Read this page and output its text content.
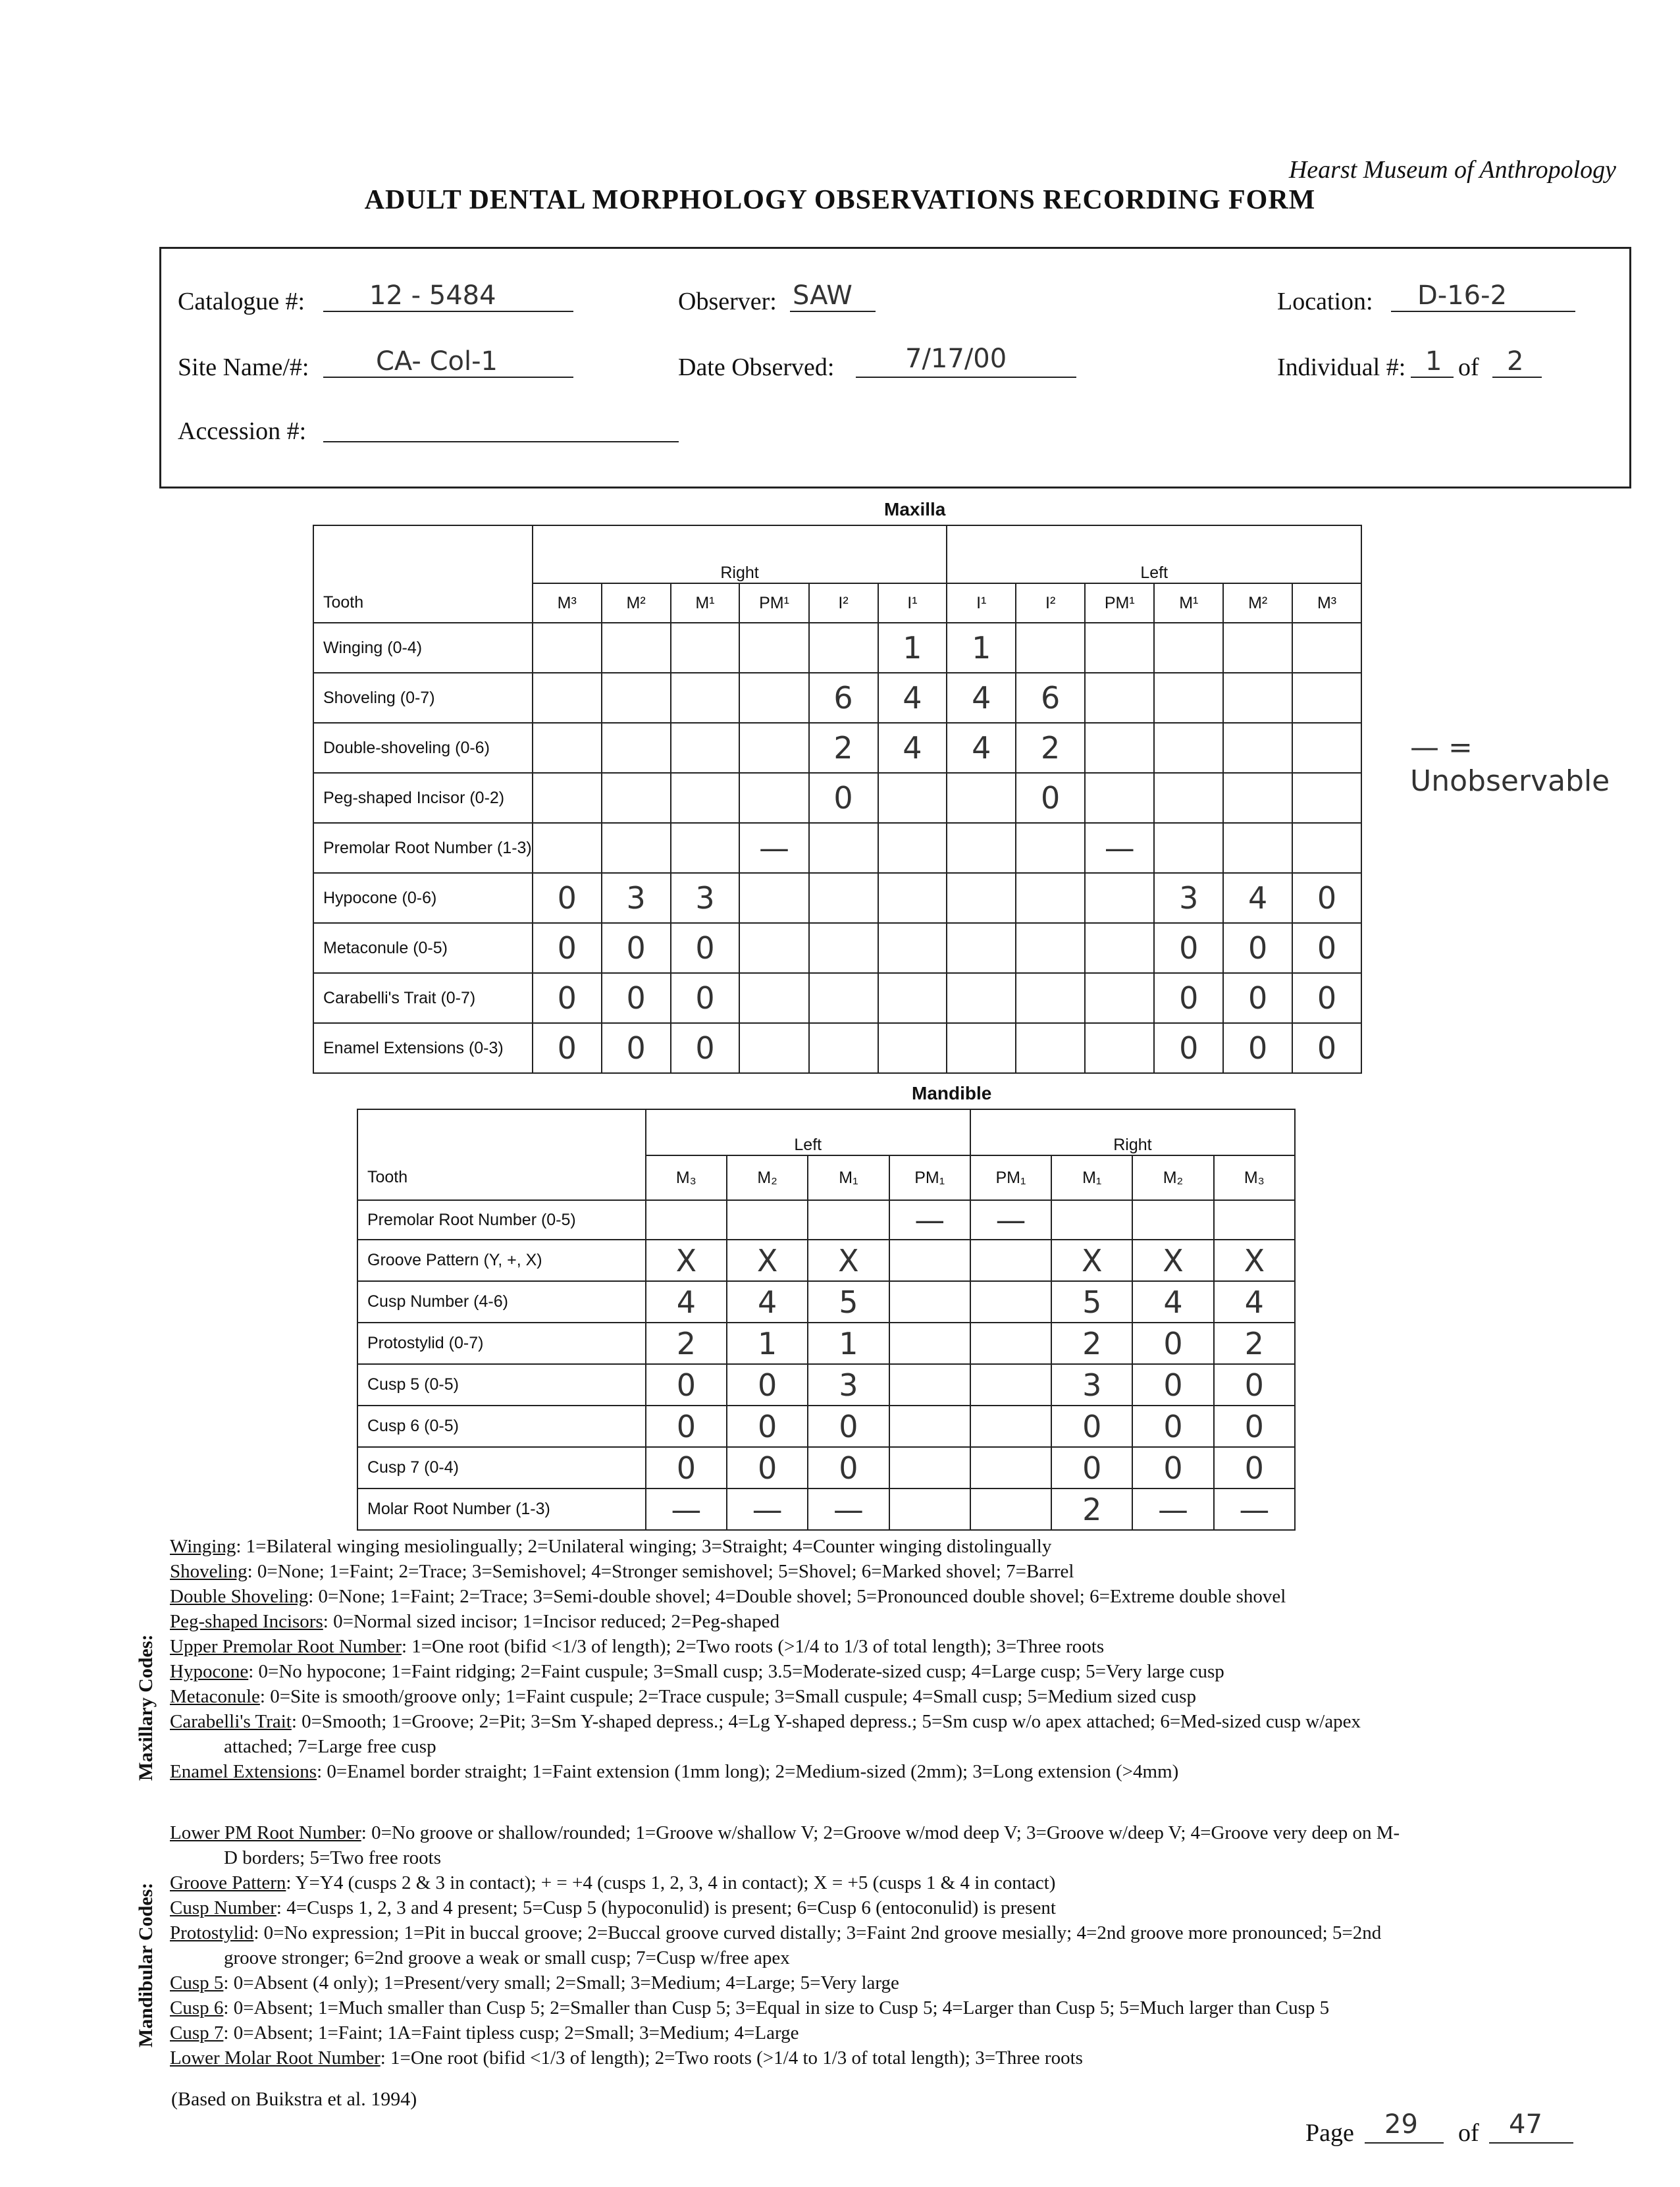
Hearst Museum of Anthropology
ADULT DENTAL MORPHOLOGY OBSERVATIONS RECORDING FORM
Catalogue #: 12 - 5484	Observer: SAW	Location: D-16-2
Site Name/#:	CA- Col-1	Date Observed:	7/17/00	Individual #: 1 of 2
Accession #:
Maxilla
	Right						Left					
Tooth	M³	M²	M¹	PM¹	I²	I¹	I¹	I²	PM¹	M¹	M²	M³
Winging (0-4)						1	1					
Shoveling (0-7)					6	4	4	6				
Double-shoveling (0-6)					2	4	4	2				
Peg-shaped Incisor (0-2)					0			0				
Premolar Root Number (1-3)				—					—			
Hypocone (0-6)	0	3	3							3	4	0
Metaconule (0-5)	0	0	0							0	0	0
Carabelli's Trait (0-7)	0	0	0							0	0	0
Enamel Extensions (0-3)	0	0	0							0	0	0
— = Unobservable
Mandible
	Left				Right			
Tooth	M₃	M₂	M₁	PM₁	PM₁	M₁	M₂	M₃
Premolar Root Number (0-5)				—	—			
Groove Pattern (Y, +, X)	X	X	X			X	X	X
Cusp Number (4-6)	4	4	5			5	4	4
Protostylid (0-7)	2	1	1			2	0	2
Cusp 5 (0-5)	0	0	3			3	0	0
Cusp 6 (0-5)	0	0	0			0	0	0
Cusp 7 (0-4)	0	0	0			0	0	0
Molar Root Number (1-3)	—	—	—			2	—	—
Maxillary Codes:

Winging: 1=Bilateral winging mesiolingually; 2=Unilateral winging; 3=Straight; 4=Counter winging distolingually

Shoveling: 0=None; 1=Faint; 2=Trace; 3=Semishovel; 4=Stronger semishovel; 5=Shovel; 6=Marked shovel; 7=Barrel

Double Shoveling: 0=None; 1=Faint; 2=Trace; 3=Semi-double shovel; 4=Double shovel; 5=Pronounced double shovel; 6=Extreme double shovel

Peg-shaped Incisors: 0=Normal sized incisor; 1=Incisor reduced; 2=Peg-shaped

Upper Premolar Root Number: 1=One root (bifid <1/3 of length); 2=Two roots (>1/4 to 1/3 of total length); 3=Three roots

Hypocone: 0=No hypocone; 1=Faint ridging; 2=Faint cuspule; 3=Small cusp; 3.5=Moderate-sized cusp; 4=Large cusp; 5=Very large cusp

Metaconule: 0=Site is smooth/groove only; 1=Faint cuspule; 2=Trace cuspule; 3=Small cuspule; 4=Small cusp; 5=Medium sized cusp

Carabelli's Trait: 0=Smooth; 1=Groove; 2=Pit; 3=Sm Y-shaped depress.; 4=Lg Y-shaped depress.; 5=Sm cusp w/o apex attached; 6=Med-sized cusp w/apex

attached; 7=Large free cusp

Enamel Extensions: 0=Enamel border straight; 1=Faint extension (1mm long); 2=Medium-sized (2mm); 3=Long extension (>4mm)

Mandibular Codes:

Lower PM Root Number: 0=No groove or shallow/rounded; 1=Groove w/shallow V; 2=Groove w/mod deep V; 3=Groove w/deep V; 4=Groove very deep on M-

D borders; 5=Two free roots

Groove Pattern: Y=Y4 (cusps 2 & 3 in contact); + = +4 (cusps 1, 2, 3, 4 in contact); X = +5 (cusps 1 & 4 in contact)

Cusp Number: 4=Cusps 1, 2, 3 and 4 present; 5=Cusp 5 (hypoconulid) is present; 6=Cusp 6 (entoconulid) is present

Protostylid: 0=No expression; 1=Pit in buccal groove; 2=Buccal groove curved distally; 3=Faint 2nd groove mesially; 4=2nd groove more pronounced; 5=2nd

groove stronger; 6=2nd groove a weak or small cusp; 7=Cusp w/free apex

Cusp 5: 0=Absent (4 only); 1=Present/very small; 2=Small; 3=Medium; 4=Large; 5=Very large

Cusp 6: 0=Absent; 1=Much smaller than Cusp 5; 2=Smaller than Cusp 5; 3=Equal in size to Cusp 5; 4=Larger than Cusp 5; 5=Much larger than Cusp 5

Cusp 7: 0=Absent; 1=Faint; 1A=Faint tipless cusp; 2=Small; 3=Medium; 4=Large

Lower Molar Root Number: 1=One root (bifid <1/3 of length); 2=Two roots (>1/4 to 1/3 of total length); 3=Three roots

(Based on Buikstra et al. 1994)
Page 29 of 47
